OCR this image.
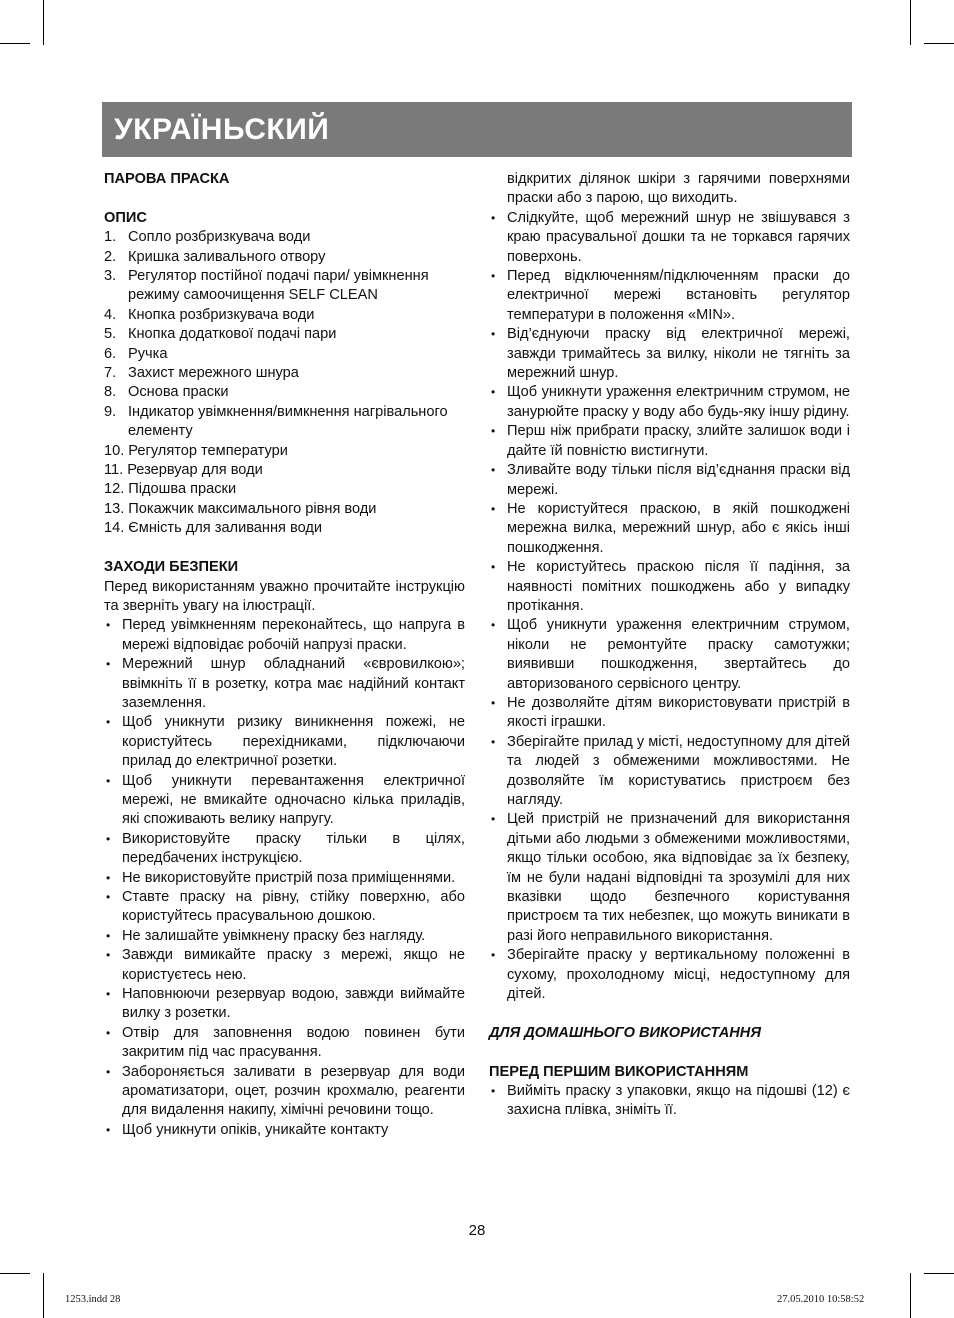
УКРАЇНЬСКИЙ

ПАРОВА ПРАСКА

ОПИС

1. Сопло розбризкувача води
2. Кришка заливального отвору
3. Регулятор постійної подачі пари/ увімкнення режиму самоочищення SELF CLEAN
4. Кнопка розбризкувача води
5. Кнопка додаткової подачі пари
6. Ручка
7. Захист мережного шнура
8. Основа праски
9. Індикатор увімкнення/вимкнення нагрівального елементу
10. Регулятор температури
11. Резервуар для води
12. Підошва праски
13. Покажчик максимального рівня води
14. Ємність для заливання води

ЗАХОДИ БЕЗПЕКИ

Перед використанням уважно прочитайте інструкцію та зверніть увагу на ілюстрації.

• Перед увімкненням переконайтесь, що напруга в мережі відповідає робочій напрузі праски.
• Мережний шнур обладнаний «євровилкою»; ввімкніть її в розетку, котра має надійний контакт заземлення.
• Щоб уникнути ризику виникнення пожежі, не користуйтесь перехідниками, підключаючи прилад до електричної розетки.
• Щоб уникнути перевантаження електричної мережі, не вмикайте одночасно кілька приладів, які споживають велику напругу.
• Використовуйте праску тільки в цілях, передбачених інструкцією.
• Не використовуйте пристрій поза приміщеннями.
• Ставте праску на рівну, стійку поверхню, або користуйтесь прасувальною дошкою.
• Не залишайте увімкнену праску без нагляду.
• Завжди вимикайте праску з мережі, якщо не користуєтесь нею.
• Наповнюючи резервуар водою, завжди виймайте вилку з розетки.
• Отвір для заповнення водою повинен бути закритим під час прасування.
• Забороняється заливати в резервуар для води ароматизатори, оцет, розчин крохмалю, реагенти для видалення накипу, хімічні речовини тощо.
• Щоб уникнути опіків, уникайте контакту

відкритих ділянок шкіри з гарячими поверхнями праски або з парою, що виходить.

• Слідкуйте, щоб мережний шнур не звішувався з краю прасувальної дошки та не торкався гарячих поверхонь.
• Перед відключенням/підключенням праски до електричної мережі встановіть регулятор температури в положення «MIN».
• Від’єднуючи праску від електричної мережі, завжди тримайтесь за вилку, ніколи не тягніть за мережний шнур.
• Щоб уникнути ураження електричним струмом, не занурюйте праску у воду або будь-яку іншу рідину.
• Перш ніж прибрати праску, злийте залишок води і дайте їй повністю вистигнути.
• Зливайте воду тільки після від’єднання праски від мережі.
• Не користуйтеся праскою, в якій пошкоджені мережна вилка, мережний шнур, або є якісь інші пошкодження.
• Не користуйтесь праскою після її падіння, за наявності помітних пошкоджень або у випадку протікання.
• Щоб уникнути ураження електричним струмом, ніколи не ремонтуйте праску самотужки; виявивши пошкодження, звертайтесь до авторизованого сервісного центру.
• Не дозволяйте дітям використовувати пристрій в якості іграшки.
• Зберігайте прилад у місті, недоступному для дітей та людей з обмеженими можливостями. Не дозволяйте їм користуватись пристроєм без нагляду.
• Цей пристрій не призначений для використання дітьми або людьми з обмеженими можливостями, якщо тільки особою, яка відповідає за їх безпеку, їм не були надані відповідні та зрозумілі для них вказівки щодо безпечного користування пристроєм та тих небезпек, що можуть виникати в разі його неправильного використання.
• Зберігайте праску у вертикальному положенні в сухому, прохолодному місці, недоступному для дітей.

ДЛЯ ДОМАШНЬОГО ВИКОРИСТАННЯ

ПЕРЕД ПЕРШИМ ВИКОРИСТАННЯМ

• Вийміть праску з упаковки, якщо на підошві (12) є захисна плівка, зніміть її.
28
1253.indd 28	27.05.2010 10:58:52
